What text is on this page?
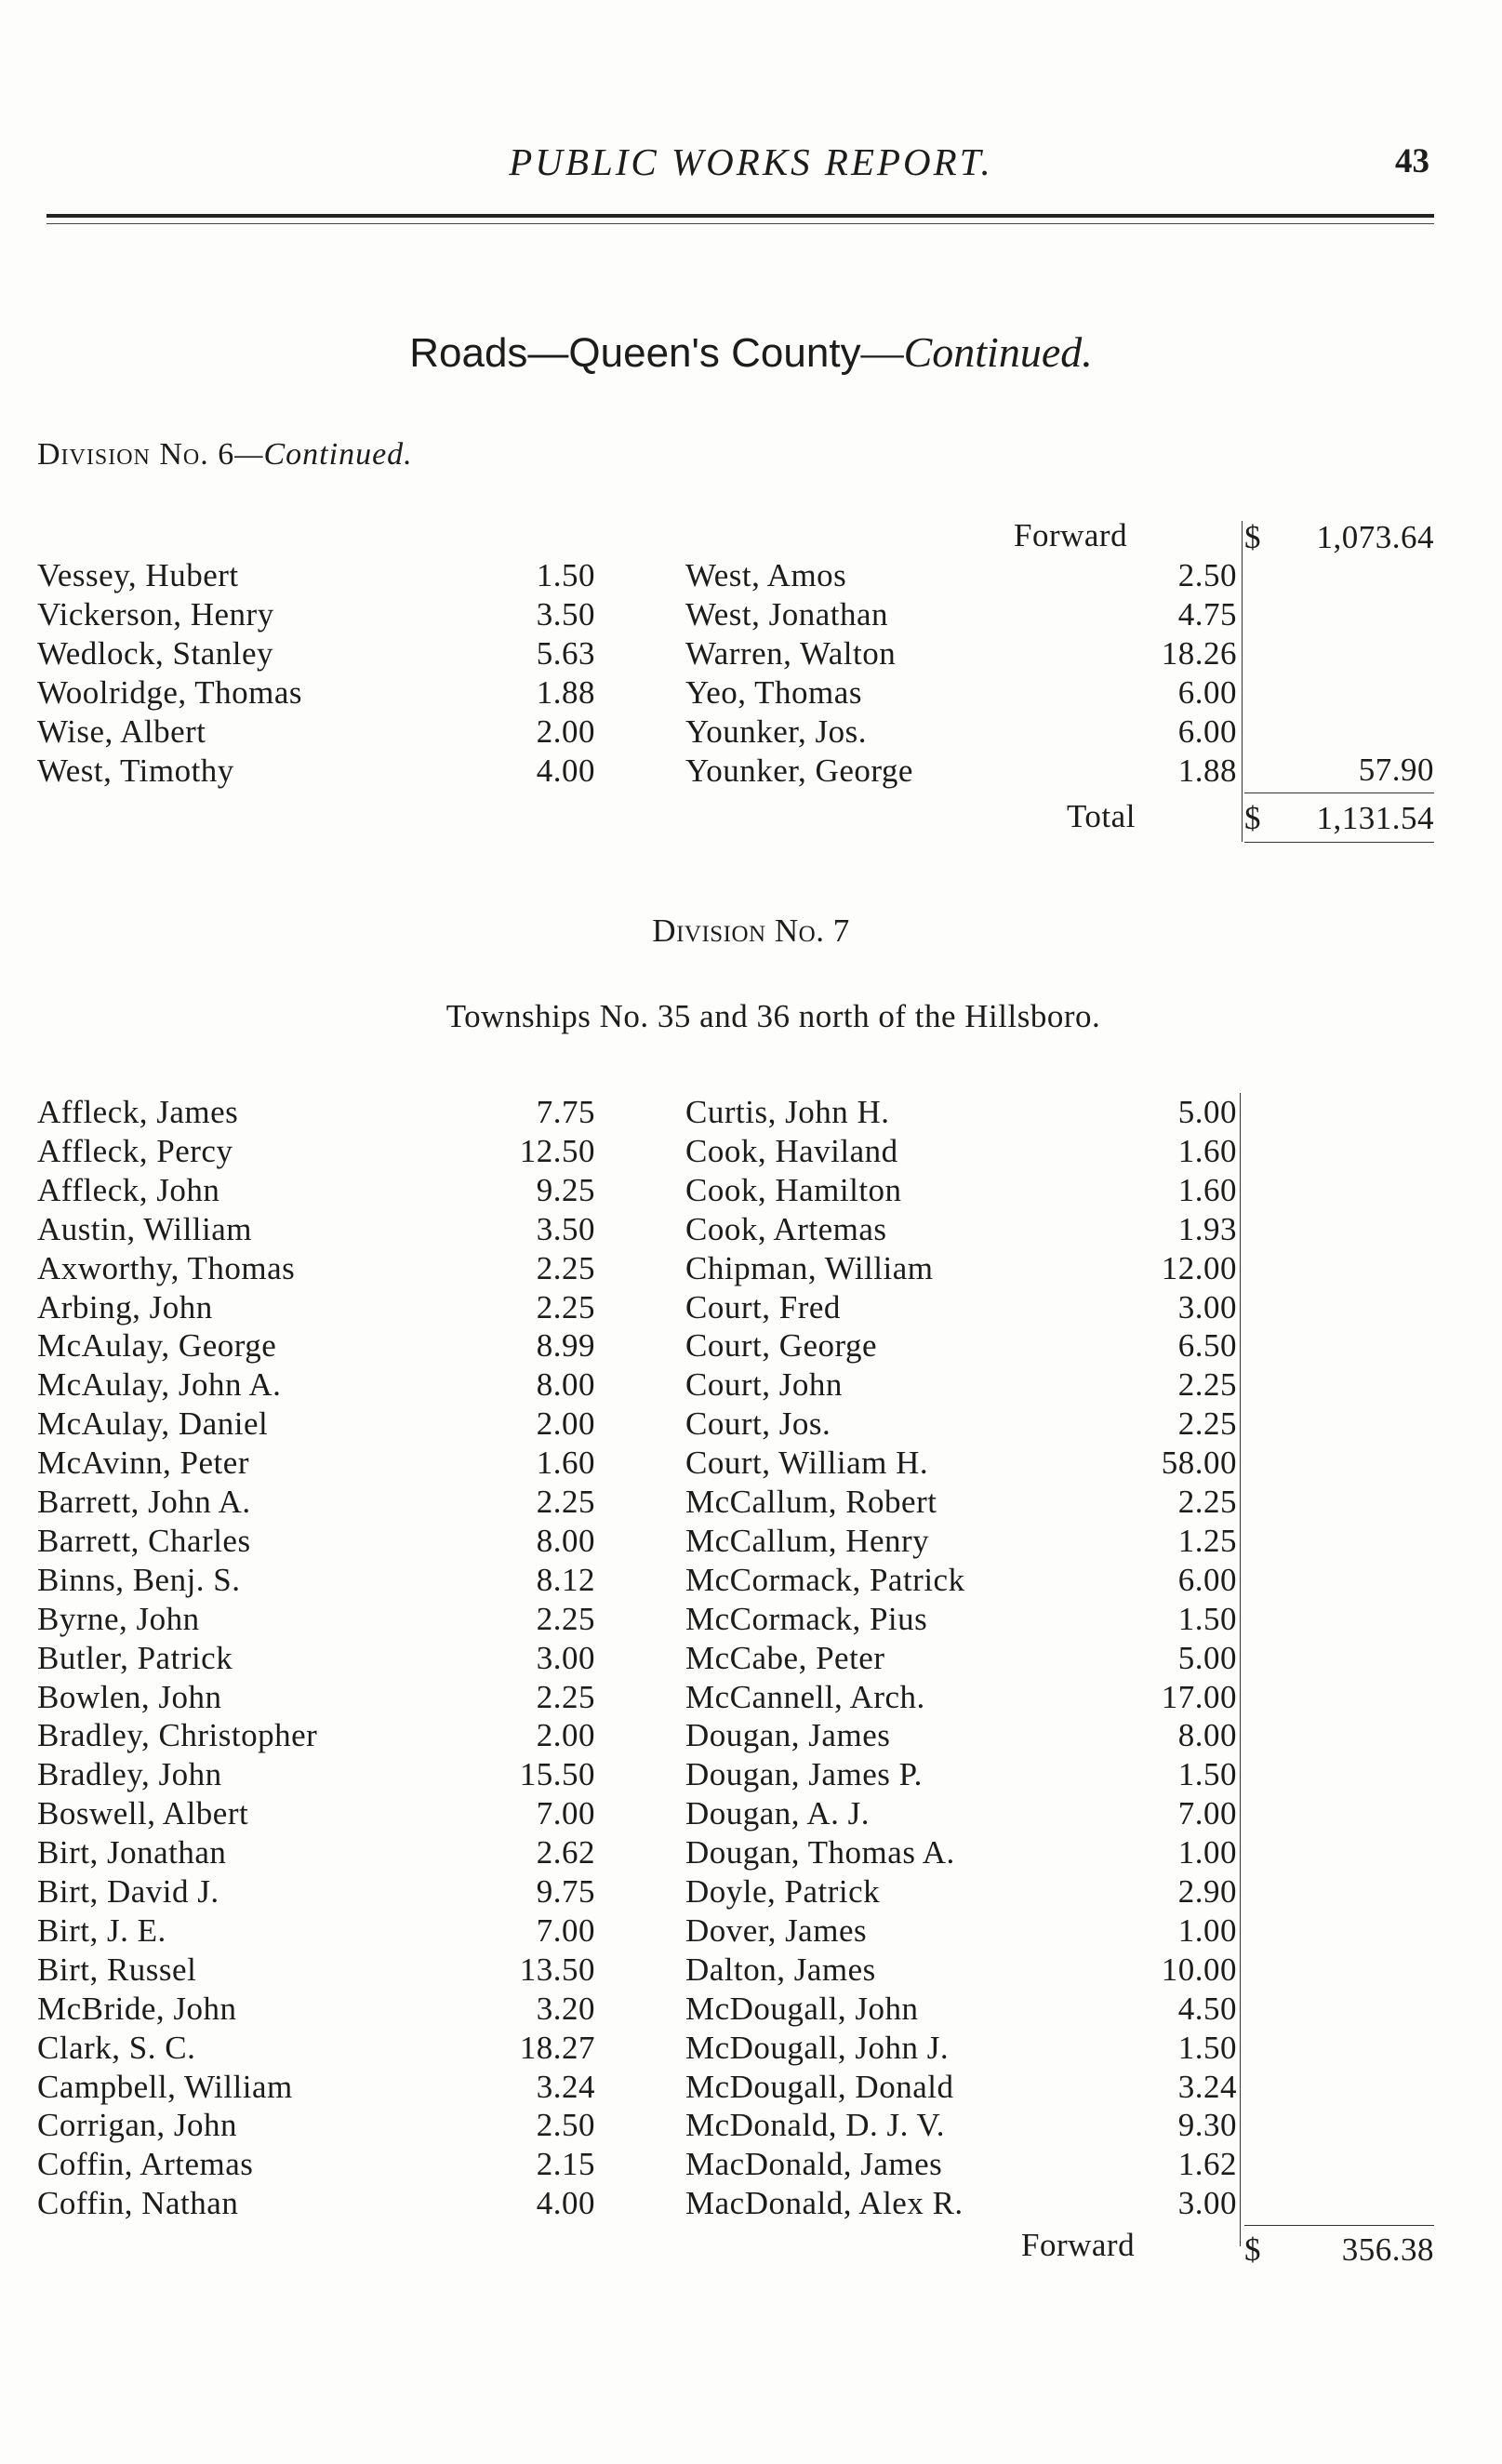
PUBLIC WORKS REPORT.	43
Roads—Queen's County—Continued.
Division No. 6—Continued.
Forward	$	1,073.64
Vessey, Hubert	1.50	West, Amos	2.50
Vickerson, Henry	3.50	West, Jonathan	4.75
Wedlock, Stanley	5.63	Warren, Walton	18.26
Woolridge, Thomas	1.88	Yeo, Thomas	6.00
Wise, Albert	2.00	Younker, Jos.	6.00
West, Timothy	4.00	Younker, George	1.88	57.90
Total	$	1,131.54
Division No. 7
Townships No. 35 and 36 north of the Hillsboro.
Affleck, James	7.75	Curtis, John H.	5.00
Affleck, Percy	12.50	Cook, Haviland	1.60
Affleck, John	9.25	Cook, Hamilton	1.60
Austin, William	3.50	Cook, Artemas	1.93
Axworthy, Thomas	2.25	Chipman, William	12.00
Arbing, John	2.25	Court, Fred	3.00
McAulay, George	8.99	Court, George	6.50
McAulay, John A.	8.00	Court, John	2.25
McAulay, Daniel	2.00	Court, Jos.	2.25
McAvinn, Peter	1.60	Court, William H.	58.00
Barrett, John A.	2.25	McCallum, Robert	2.25
Barrett, Charles	8.00	McCallum, Henry	1.25
Binns, Benj. S.	8.12	McCormack, Patrick	6.00
Byrne, John	2.25	McCormack, Pius	1.50
Butler, Patrick	3.00	McCabe, Peter	5.00
Bowlen, John	2.25	McCannell, Arch.	17.00
Bradley, Christopher	2.00	Dougan, James	8.00
Bradley, John	15.50	Dougan, James P.	1.50
Boswell, Albert	7.00	Dougan, A. J.	7.00
Birt, Jonathan	2.62	Dougan, Thomas A.	1.00
Birt, David J.	9.75	Doyle, Patrick	2.90
Birt, J. E.	7.00	Dover, James	1.00
Birt, Russel	13.50	Dalton, James	10.00
McBride, John	3.20	McDougall, John	4.50
Clark, S. C.	18.27	McDougall, John J.	1.50
Campbell, William	3.24	McDougall, Donald	3.24
Corrigan, John	2.50	McDonald, D. J. V.	9.30
Coffin, Artemas	2.15	MacDonald, James	1.62
Coffin, Nathan	4.00	MacDonald, Alex R.	3.00
Forward	$	356.38
